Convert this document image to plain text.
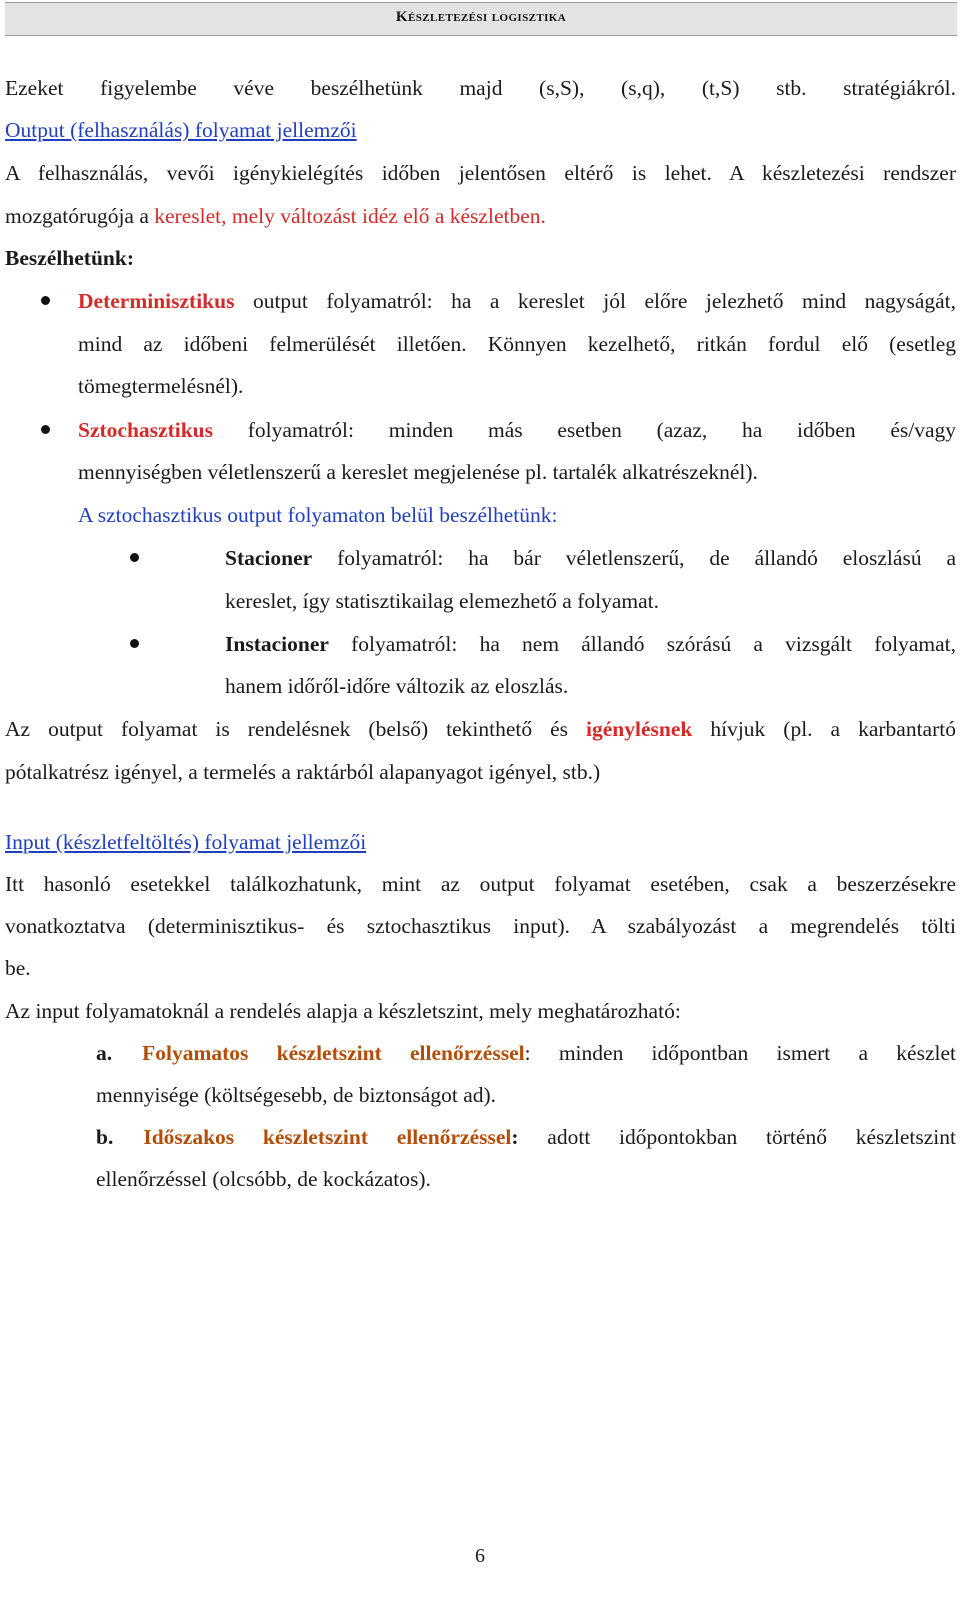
Készletezési logisztika
Ezeket figyelembe véve beszélhetünk majd (s,S), (s,q), (t,S) stb. stratégiákról.
Output (felhasználás) folyamat jellemzői
A felhasználás, vevői igénykielégítés időben jelentősen eltérő is lehet. A készletezési rendszer
mozgatórugója a kereslet, mely változást idéz elő a készletben.
Beszélhetünk:
Determinisztikus output folyamatról: ha a kereslet jól előre jelezhető mind nagyságát,
mind az időbeni felmerülését illetően. Könnyen kezelhető, ritkán fordul elő (esetleg
tömegtermelésnél).
Sztochasztikus folyamatról: minden más esetben (azaz, ha időben és/vagy
mennyiségben véletlenszerű a kereslet megjelenése pl. tartalék alkatrészeknél).
A sztochasztikus output folyamaton belül beszélhetünk:
Stacioner folyamatról: ha bár véletlenszerű, de állandó eloszlású a
kereslet, így statisztikailag elemezhető a folyamat.
Instacioner folyamatról: ha nem állandó szórású a vizsgált folyamat,
hanem időről-időre változik az eloszlás.
Az output folyamat is rendelésnek (belső) tekinthető és igénylésnek hívjuk (pl. a karbantartó
pótalkatrész igényel, a termelés a raktárból alapanyagot igényel, stb.)
Input (készletfeltöltés) folyamat jellemzői
Itt hasonló esetekkel találkozhatunk, mint az output folyamat esetében, csak a beszerzésekre
vonatkoztatva (determinisztikus- és sztochasztikus input). A szabályozást a megrendelés tölti
be.
Az input folyamatoknál a rendelés alapja a készletszint, mely meghatározható:
a. Folyamatos készletszint ellenőrzéssel: minden időpontban ismert a készlet
mennyisége (költségesebb, de biztonságot ad).
b. Időszakos készletszint ellenőrzéssel: adott időpontokban történő készletszint
ellenőrzéssel (olcsóbb, de kockázatos).
6
